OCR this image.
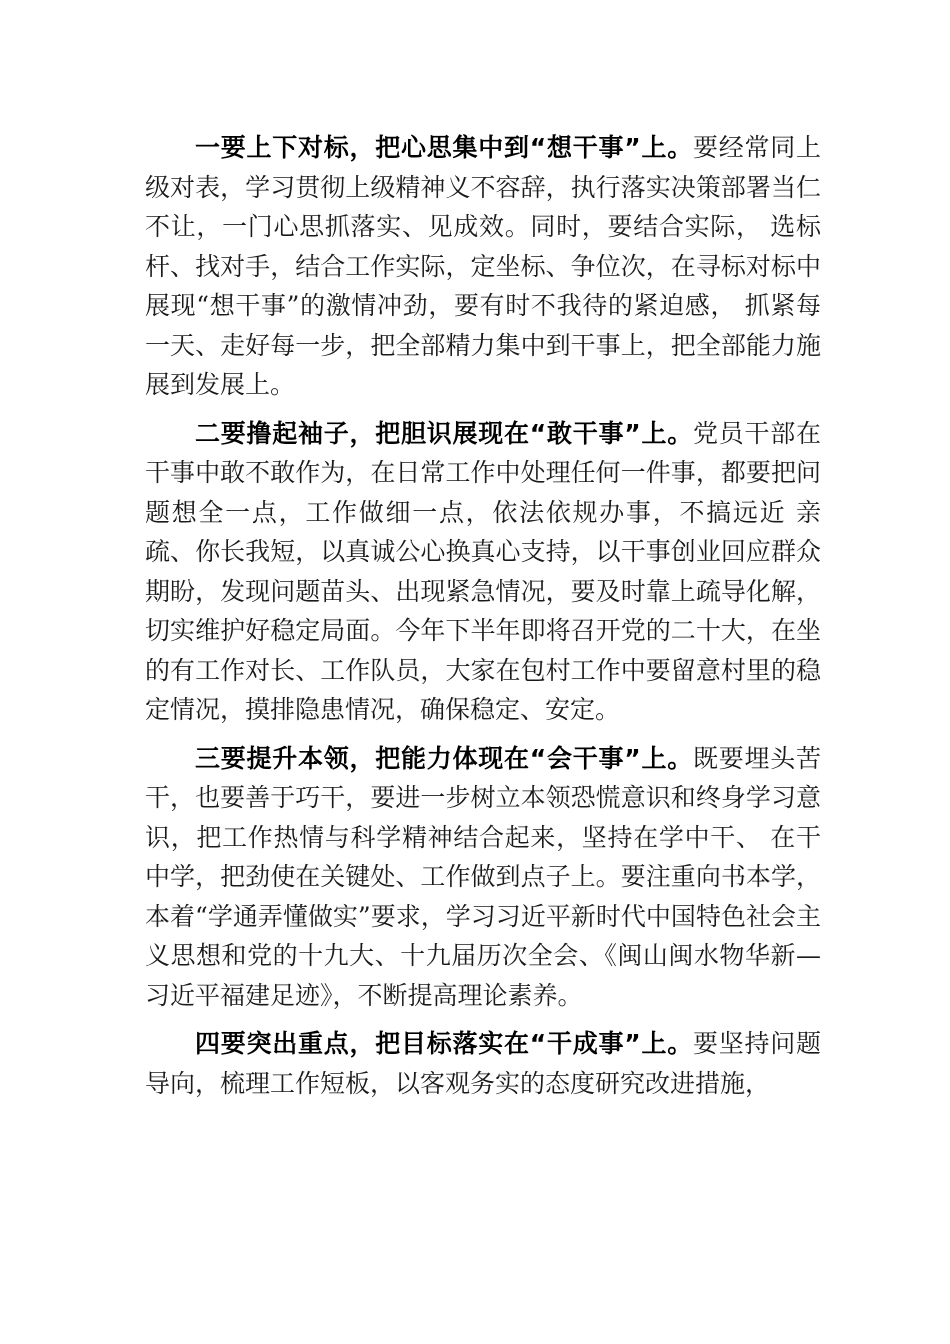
一要上下对标，把心思集中到“想干事”上。要经常同上级对表，学习贯彻上级精神义不容辞，执行落实决策部署当仁不让，一门心思抓落实、见成效。同时，要结合实际， 选标杆、找对手，结合工作实际，定坐标、争位次，在寻标对标中展现“想干事”的激情冲劲，要有时不我待的紧迫感， 抓紧每一天、走好每一步，把全部精力集中到干事上，把全部能力施展到发展上。

二要撸起袖子，把胆识展现在“敢干事”上。党员干部在干事中敢不敢作为，在日常工作中处理任何一件事，都要把问题想全一点，工作做细一点，依法依规办事，不搞远近 亲疏、你长我短，以真诚公心换真心支持，以干事创业回应群众期盼，发现问题苗头、出现紧急情况，要及时靠上疏导化解，切实维护好稳定局面。今年下半年即将召开党的二十大，在坐的有工作对长、工作队员，大家在包村工作中要留意村里的稳定情况，摸排隐患情况，确保稳定、安定。

三要提升本领，把能力体现在“会干事”上。既要埋头苦干，也要善于巧干，要进一步树立本领恐慌意识和终身学习意识，把工作热情与科学精神结合起来，坚持在学中干、 在干中学，把劲使在关键处、工作做到点子上。要注重向书本学，本着“学通弄懂做实”要求，学习习近平新时代中国特色社会主义思想和党的十九大、十九届历次全会、《闽山闽水物华新—习近平福建足迹》，不断提高理论素养。

四要突出重点，把目标落实在“干成事”上。要坚持问题导向，梳理工作短板，以客观务实的态度研究改进措施，
